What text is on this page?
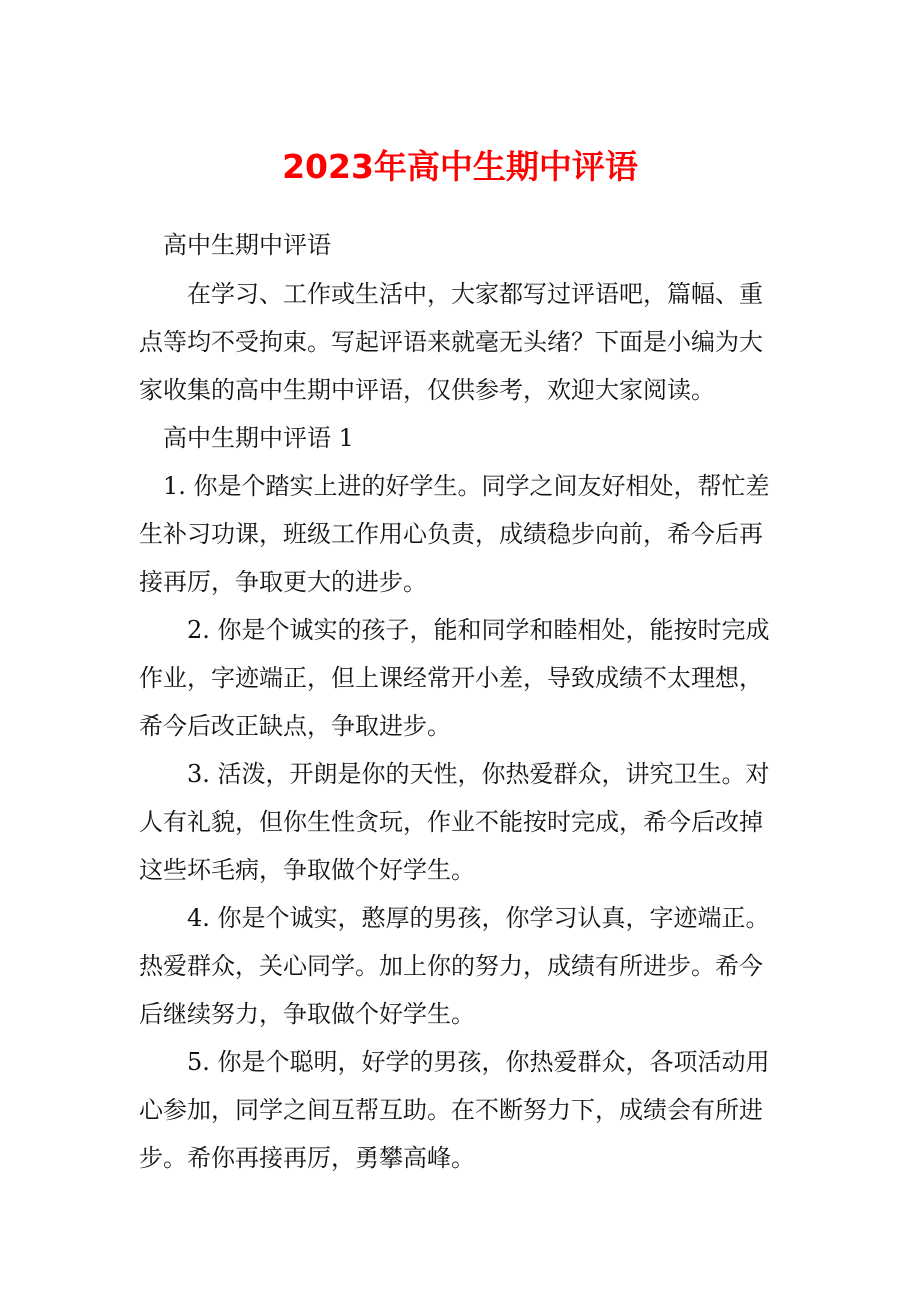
2023年高中生期中评语
高中生期中评语
在学习、工作或生活中，大家都写过评语吧，篇幅、重
点等均不受拘束。写起评语来就毫无头绪？下面是小编为大
家收集的高中生期中评语，仅供参考，欢迎大家阅读。
高中生期中评语 1
1. 你是个踏实上进的好学生。同学之间友好相处，帮忙差
生补习功课，班级工作用心负责，成绩稳步向前，希今后再
接再厉，争取更大的进步。
2. 你是个诚实的孩子，能和同学和睦相处，能按时完成
作业，字迹端正，但上课经常开小差，导致成绩不太理想，
希今后改正缺点，争取进步。
3. 活泼，开朗是你的天性，你热爱群众，讲究卫生。对
人有礼貌，但你生性贪玩，作业不能按时完成，希今后改掉
这些坏毛病，争取做个好学生。
4. 你是个诚实，憨厚的男孩，你学习认真，字迹端正。
热爱群众，关心同学。加上你的努力，成绩有所进步。希今
后继续努力，争取做个好学生。
5. 你是个聪明，好学的男孩，你热爱群众，各项活动用
心参加，同学之间互帮互助。在不断努力下，成绩会有所进
步。希你再接再厉，勇攀高峰。
